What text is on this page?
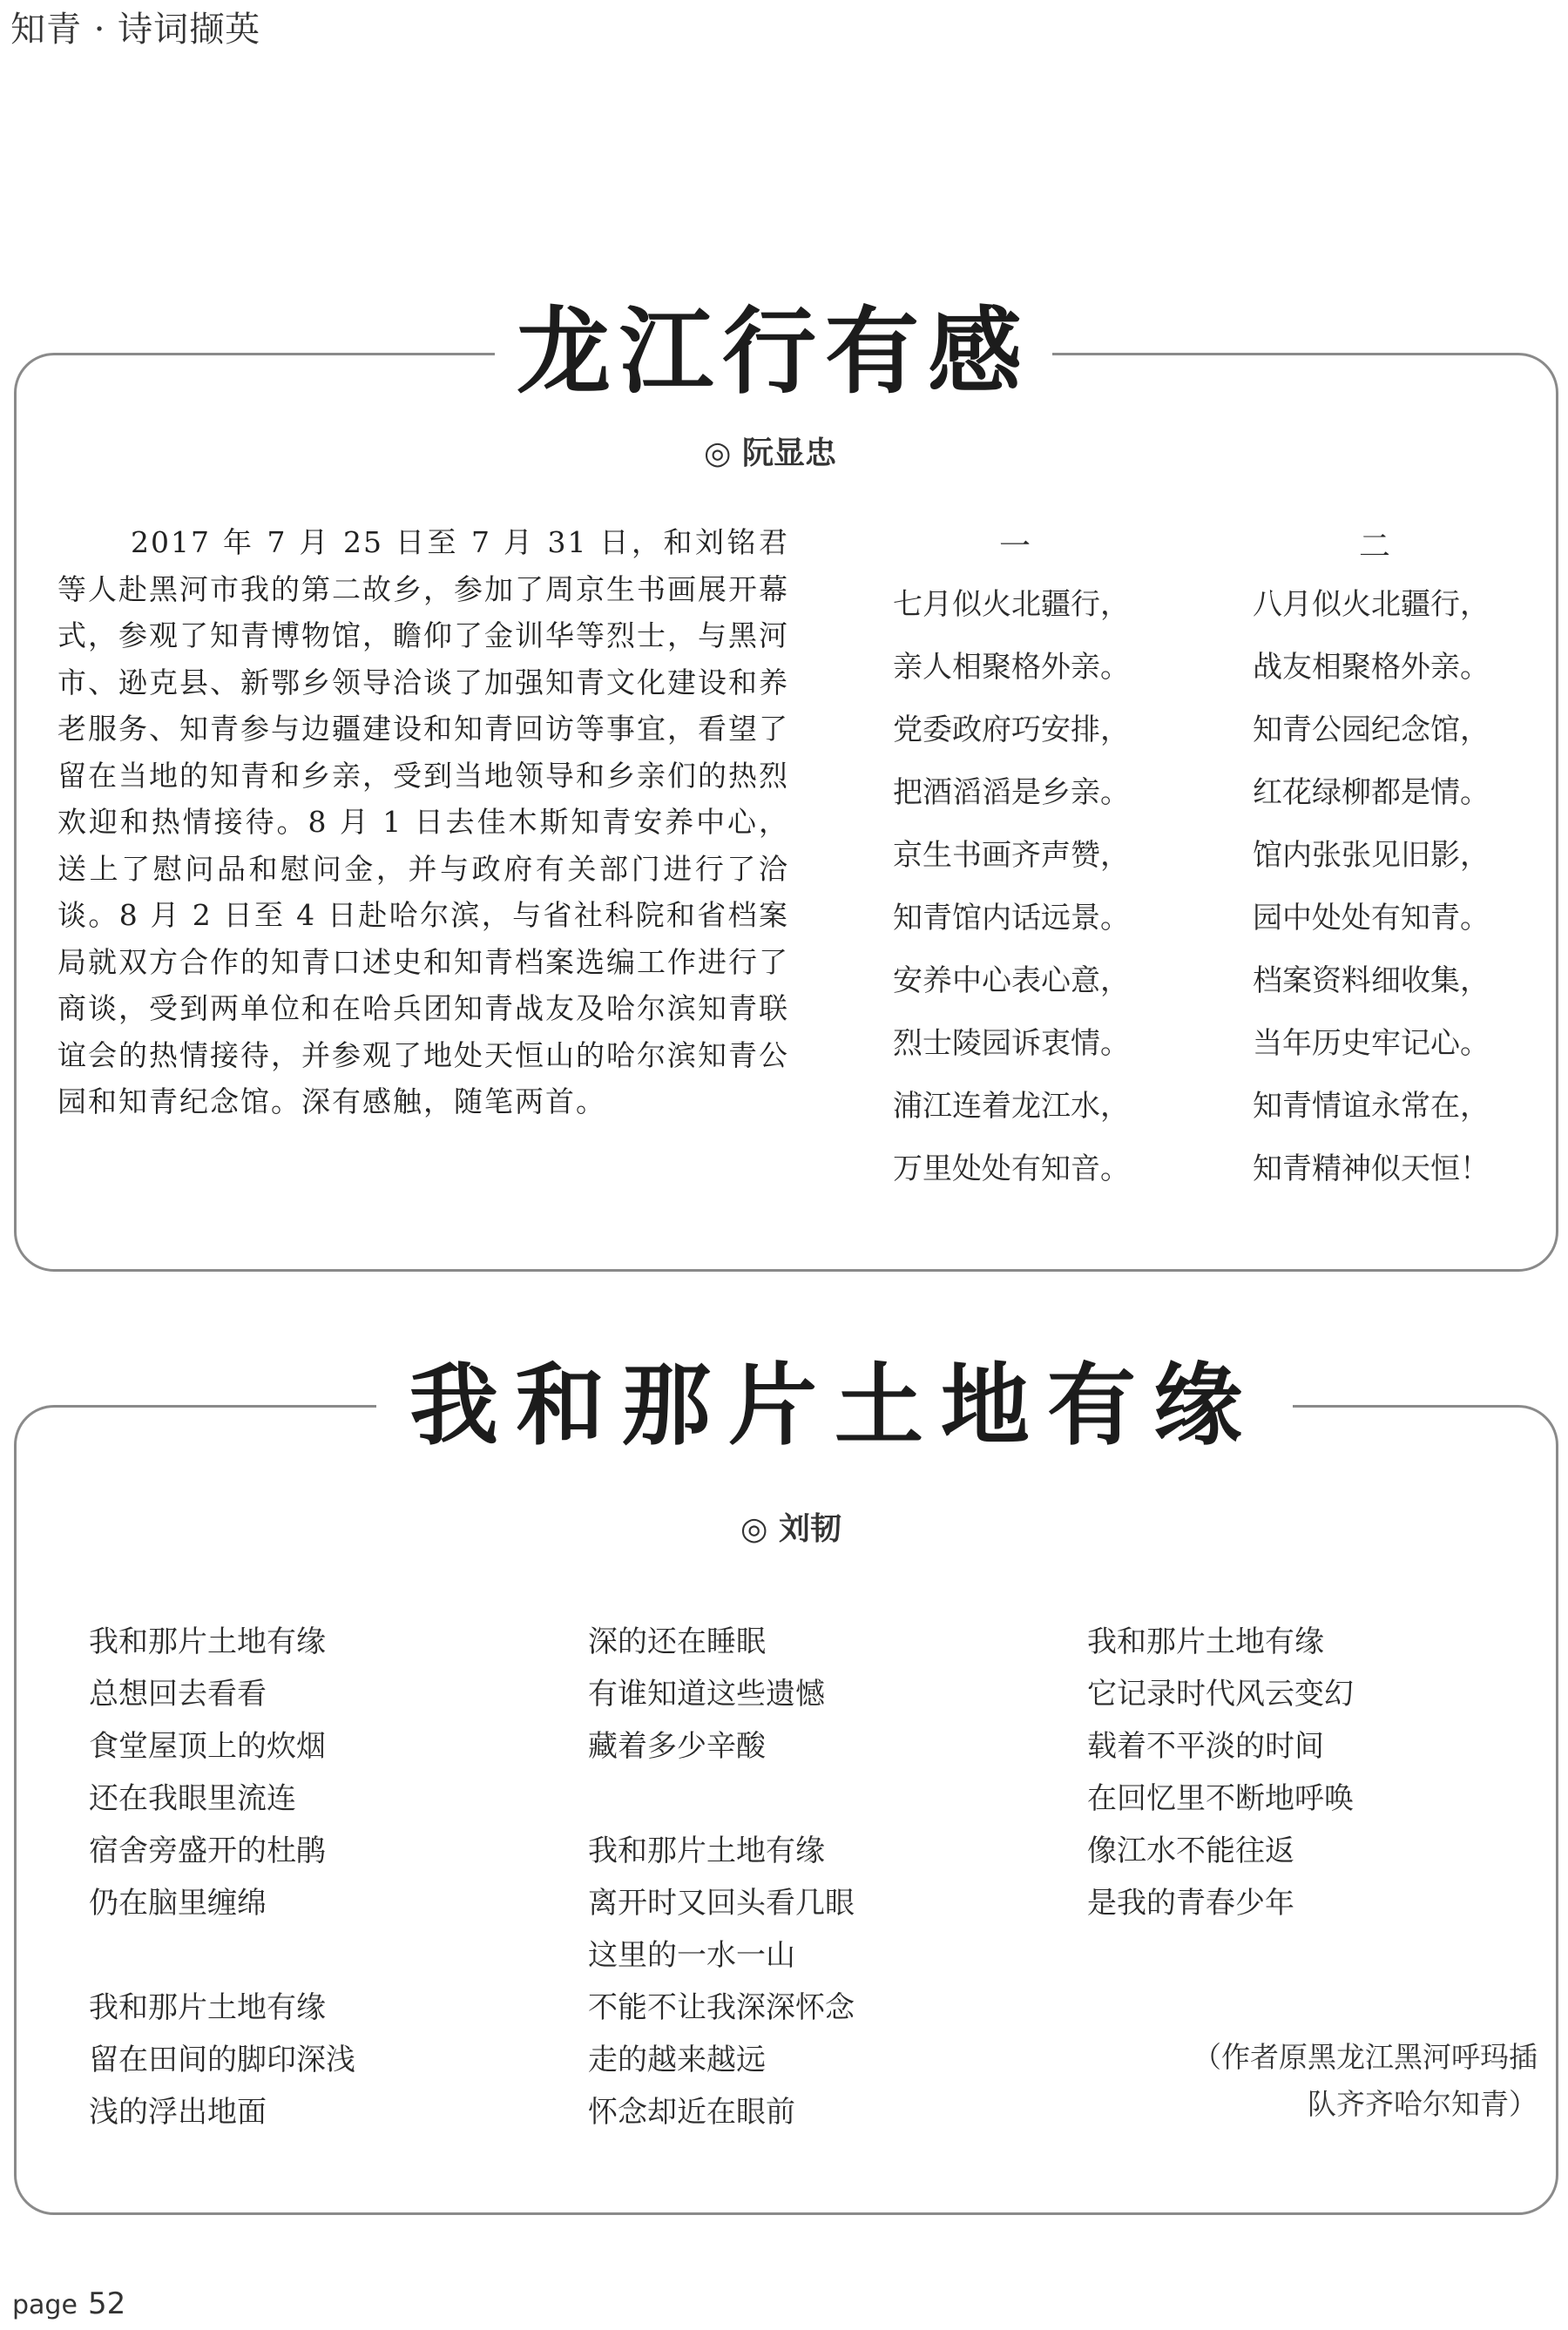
知青 · 诗词撷英
龙江行有感
◎ 阮显忠
2017 年 7 月 25 日至 7 月 31 日，和刘铭君等人赴黑河市我的第二故乡，参加了周京生书画展开幕式，参观了知青博物馆，瞻仰了金训华等烈士，与黑河市、逊克县、新鄂乡领导洽谈了加强知青文化建设和养老服务、知青参与边疆建设和知青回访等事宜，看望了留在当地的知青和乡亲，受到当地领导和乡亲们的热烈欢迎和热情接待。8 月 1 日去佳木斯知青安养中心，送上了慰问品和慰问金，并与政府有关部门进行了洽谈。8 月 2 日至 4 日赴哈尔滨，与省社科院和省档案局就双方合作的知青口述史和知青档案选编工作进行了商谈，受到两单位和在哈兵团知青战友及哈尔滨知青联谊会的热情接待，并参观了地处天恒山的哈尔滨知青公园和知青纪念馆。深有感触，随笔两首。
一
七月似火北疆行，
亲人相聚格外亲。
党委政府巧安排，
把酒滔滔是乡亲。
京生书画齐声赞，
知青馆内话远景。
安养中心表心意，
烈士陵园诉衷情。
浦江连着龙江水，
万里处处有知音。
二
八月似火北疆行，
战友相聚格外亲。
知青公园纪念馆，
红花绿柳都是情。
馆内张张见旧影，
园中处处有知青。
档案资料细收集，
当年历史牢记心。
知青情谊永常在，
知青精神似天恒！
我和那片土地有缘
◎ 刘韧
我和那片土地有缘
总想回去看看
食堂屋顶上的炊烟
还在我眼里流连
宿舍旁盛开的杜鹃
仍在脑里缠绵
我和那片土地有缘
留在田间的脚印深浅
浅的浮出地面
深的还在睡眠
有谁知道这些遗憾
藏着多少辛酸
我和那片土地有缘
离开时又回头看几眼
这里的一水一山
不能不让我深深怀念
走的越来越远
怀念却近在眼前
我和那片土地有缘
它记录时代风云变幻
载着不平淡的时间
在回忆里不断地呼唤
像江水不能往返
是我的青春少年
（作者原黑龙江黑河呼玛插
队齐齐哈尔知青）
page 52
